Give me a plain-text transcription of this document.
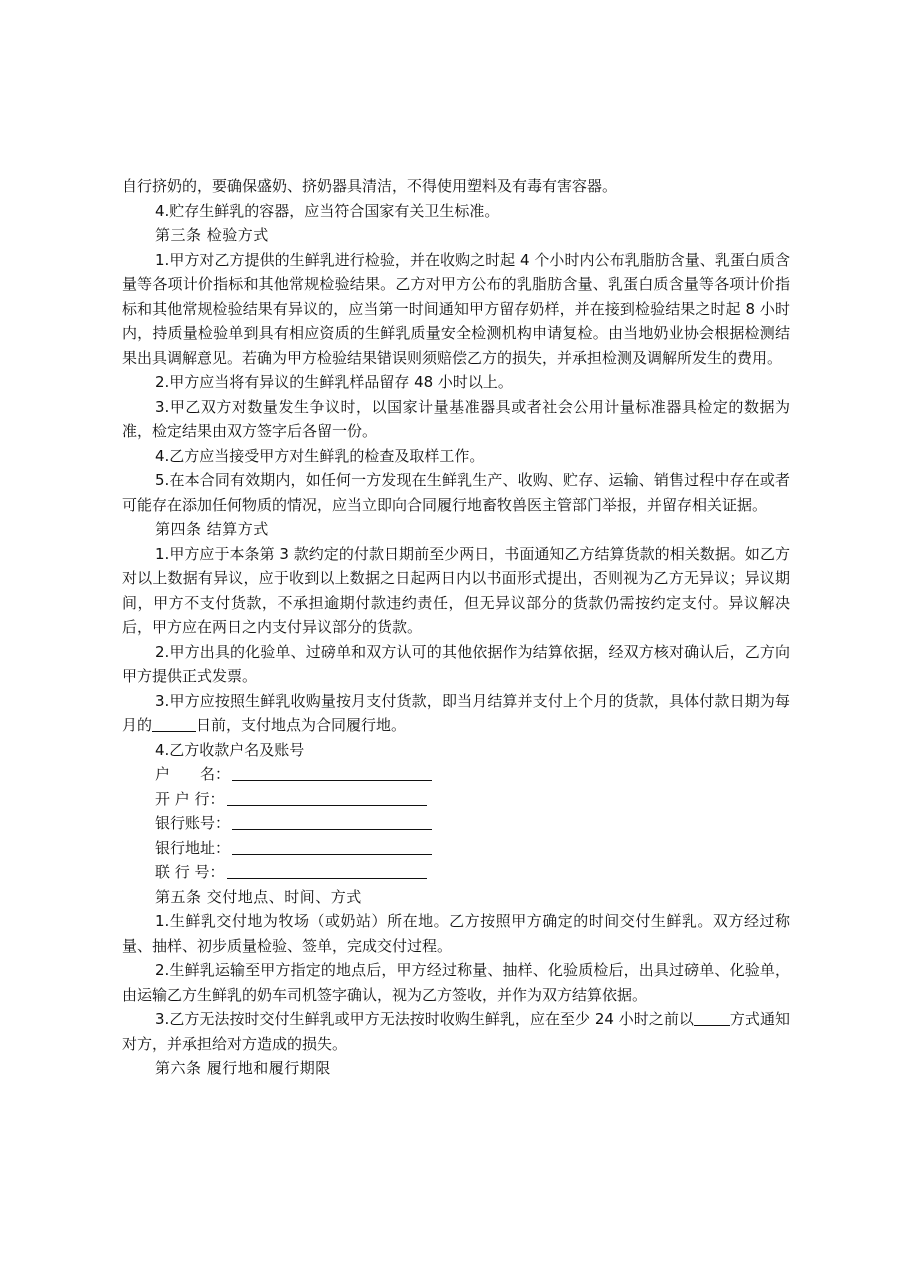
自行挤奶的，要确保盛奶、挤奶器具清洁，不得使用塑料及有毒有害容器。

4.贮存生鲜乳的容器，应当符合国家有关卫生标准。

第三条 检验方式

1.甲方对乙方提供的生鲜乳进行检验，并在收购之时起 4 个小时内公布乳脂肪含量、乳蛋白质含量等各项计价指标和其他常规检验结果。乙方对甲方公布的乳脂肪含量、乳蛋白质含量等各项计价指标和其他常规检验结果有异议的，应当第一时间通知甲方留存奶样，并在接到检验结果之时起 8 小时内，持质量检验单到具有相应资质的生鲜乳质量安全检测机构申请复检。由当地奶业协会根据检测结果出具调解意见。若确为甲方检验结果错误则须赔偿乙方的损失，并承担检测及调解所发生的费用。

2.甲方应当将有异议的生鲜乳样品留存 48 小时以上。

3.甲乙双方对数量发生争议时，以国家计量基准器具或者社会公用计量标准器具检定的数据为准，检定结果由双方签字后各留一份。

4.乙方应当接受甲方对生鲜乳的检查及取样工作。

5.在本合同有效期内，如任何一方发现在生鲜乳生产、收购、贮存、运输、销售过程中存在或者可能存在添加任何物质的情况，应当立即向合同履行地畜牧兽医主管部门举报，并留存相关证据。

第四条 结算方式

1.甲方应于本条第 3 款约定的付款日期前至少两日，书面通知乙方结算货款的相关数据。如乙方对以上数据有异议，应于收到以上数据之日起两日内以书面形式提出，否则视为乙方无异议；异议期间，甲方不支付货款，不承担逾期付款违约责任，但无异议部分的货款仍需按约定支付。异议解决后，甲方应在两日之内支付异议部分的货款。

2.甲方出具的化验单、过磅单和双方认可的其他依据作为结算依据，经双方核对确认后，乙方向甲方提供正式发票。

3.甲方应按照生鲜乳收购量按月支付货款，即当月结算并支付上个月的货款，具体付款日期为每月的	日前，支付地点为合同履行地。

4.乙方收款户名及账号

户　　名：

开 户 行：

银行账号：

银行地址：

联 行 号：

第五条 交付地点、时间、方式

1.生鲜乳交付地为牧场（或奶站）所在地。乙方按照甲方确定的时间交付生鲜乳。双方经过称量、抽样、初步质量检验、签单，完成交付过程。

2.生鲜乳运输至甲方指定的地点后，甲方经过称量、抽样、化验质检后，出具过磅单、化验单，由运输乙方生鲜乳的奶车司机签字确认，视为乙方签收，并作为双方结算依据。

3.乙方无法按时交付生鲜乳或甲方无法按时收购生鲜乳，应在至少 24 小时之前以 方式通知对方，并承担给对方造成的损失。

第六条 履行地和履行期限
